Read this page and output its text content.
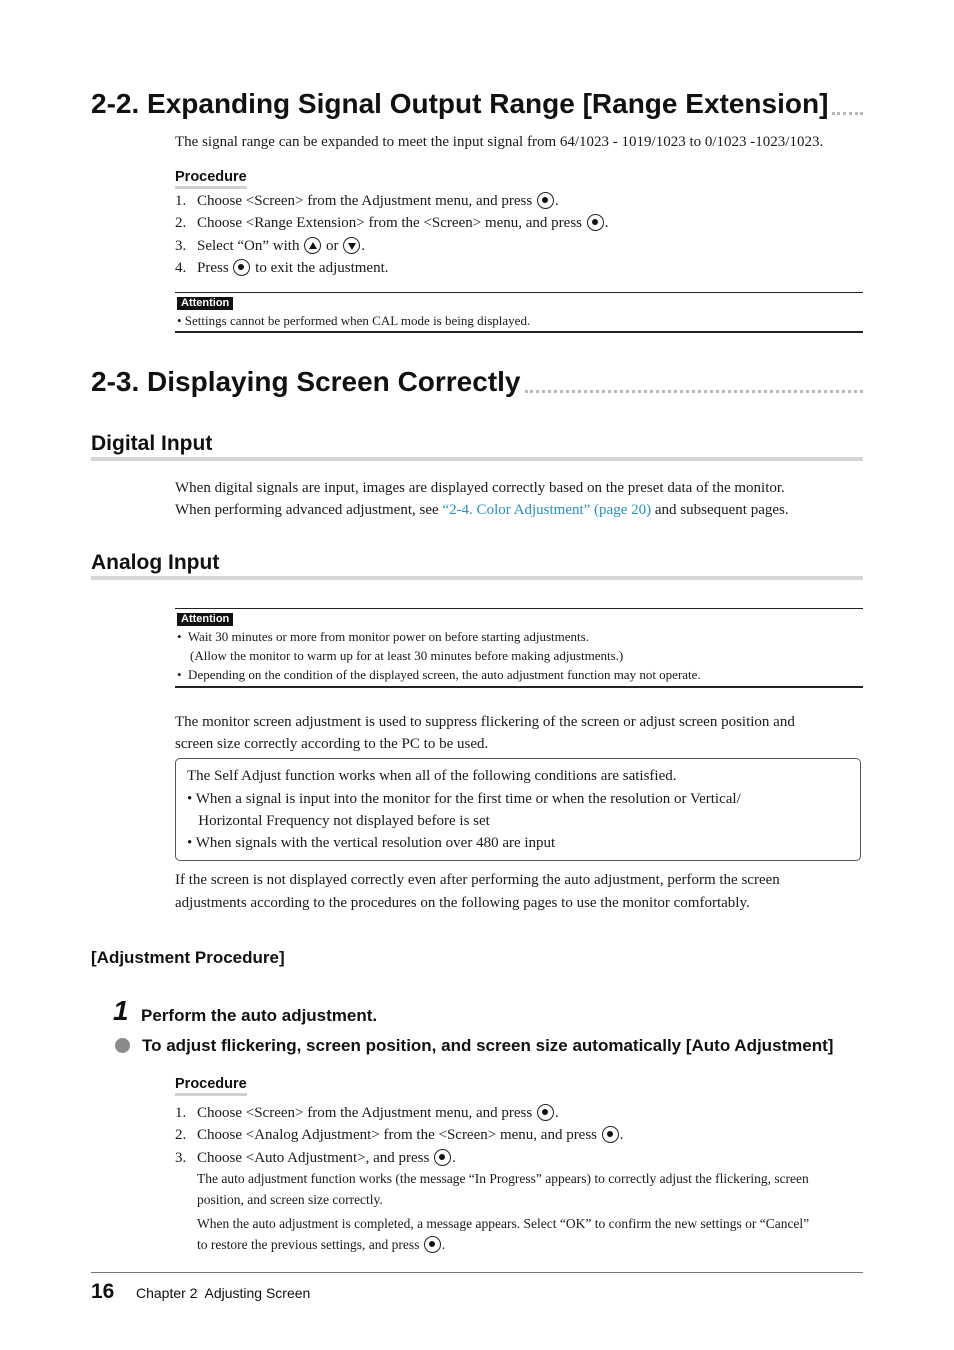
2-2. Expanding Signal Output Range [Range Extension]
The signal range can be expanded to meet the input signal from 64/1023 - 1019/1023 to 0/1023 -1023/1023.
Procedure
1. Choose <Screen> from the Adjustment menu, and press .
2. Choose <Range Extension> from the <Screen> menu, and press .
3. Select “On” with or .
4. Press to exit the adjustment.
Attention
• Settings cannot be performed when CAL mode is being displayed.
2-3. Displaying Screen Correctly
Digital Input
When digital signals are input, images are displayed correctly based on the preset data of the monitor.
When performing advanced adjustment, see “2-4. Color Adjustment” (page 20) and subsequent pages.
Analog Input
Attention
•  Wait 30 minutes or more from monitor power on before starting adjustments.
(Allow the monitor to warm up for at least 30 minutes before making adjustments.)
•  Depending on the condition of the displayed screen, the auto adjustment function may not operate.
The monitor screen adjustment is used to suppress flickering of the screen or adjust screen position and
screen size correctly according to the PC to be used.
The Self Adjust function works when all of the following conditions are satisfied.
• When a signal is input into the monitor for the first time or when the resolution or Vertical/
Horizontal Frequency not displayed before is set
• When signals with the vertical resolution over 480 are input
If the screen is not displayed correctly even after performing the auto adjustment, perform the screen
adjustments according to the procedures on the following pages to use the monitor comfortably.
[Adjustment Procedure]
1 Perform the auto adjustment.
To adjust flickering, screen position, and screen size automatically [Auto Adjustment]
Procedure
1. Choose <Screen> from the Adjustment menu, and press .
2. Choose <Analog Adjustment> from the <Screen> menu, and press .
3. Choose <Auto Adjustment>, and press .
The auto adjustment function works (the message “In Progress” appears) to correctly adjust the flickering, screen
position, and screen size correctly.
When the auto adjustment is completed, a message appears. Select “OK” to confirm the new settings or “Cancel”
to restore the previous settings, and press .
16 Chapter 2  Adjusting Screen
